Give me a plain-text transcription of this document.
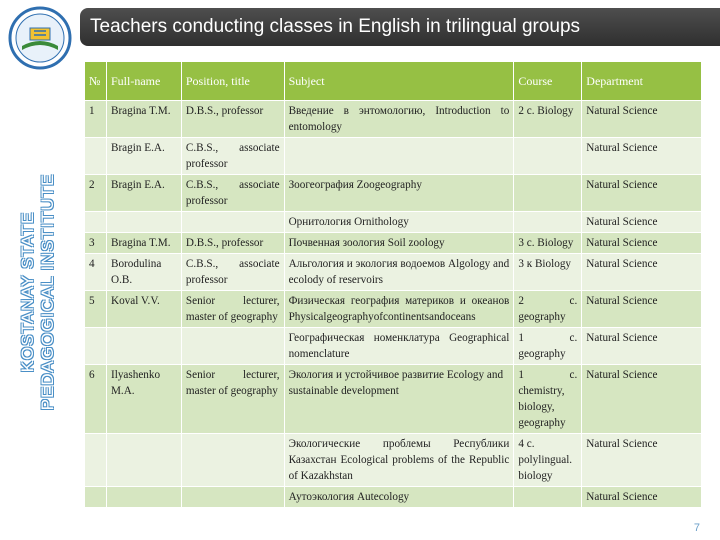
KOSTANAY STATE PEDAGOGICAL INSTITUTE
Teachers conducting classes in English in trilingual groups
№	Full-name	Position, title	Subject	Course	Department
1	Bragina T.M.	D.B.S., professor	Введение в энтомологию, Introduction to entomology	2 с. Biology	Natural Science
	Bragin E.A.	C.B.S., associate professor			Natural Science
2	Bragin E.A.	C.B.S., associate professor	Зоогеография Zoogeography		Natural Science
			Орнитология Ornithology		Natural Science
3	Bragina T.M.	D.B.S., professor	Почвенная зоология Soil zoology	3 с. Biology	Natural Science
4	Borodulina O.B.	C.B.S., associate professor	Альгология и экология водоемов Algology and ecolody of reservoirs	3 к Biology	Natural Science
5	Koval V.V.	Senior lecturer, master of geography	Физическая география материков и океанов Physicalgeographyofcontinentsandoceans	2 с. geography	Natural Science
			Географическая номенклатура Geographical nomenclature	1 с. geography	Natural Science
6	Ilyashenko M.A.	Senior lecturer, master of geography	Экология и устойчивое развитие Ecology and sustainable development	1 с. chemistry, biology, geography	Natural Science
			Экологические проблемы Республики Казахстан Ecological problems of the Republic of Kazakhstan	4 с. polylingual. biology	Natural Science
			Аутоэкология Autecology		Natural Science
7
